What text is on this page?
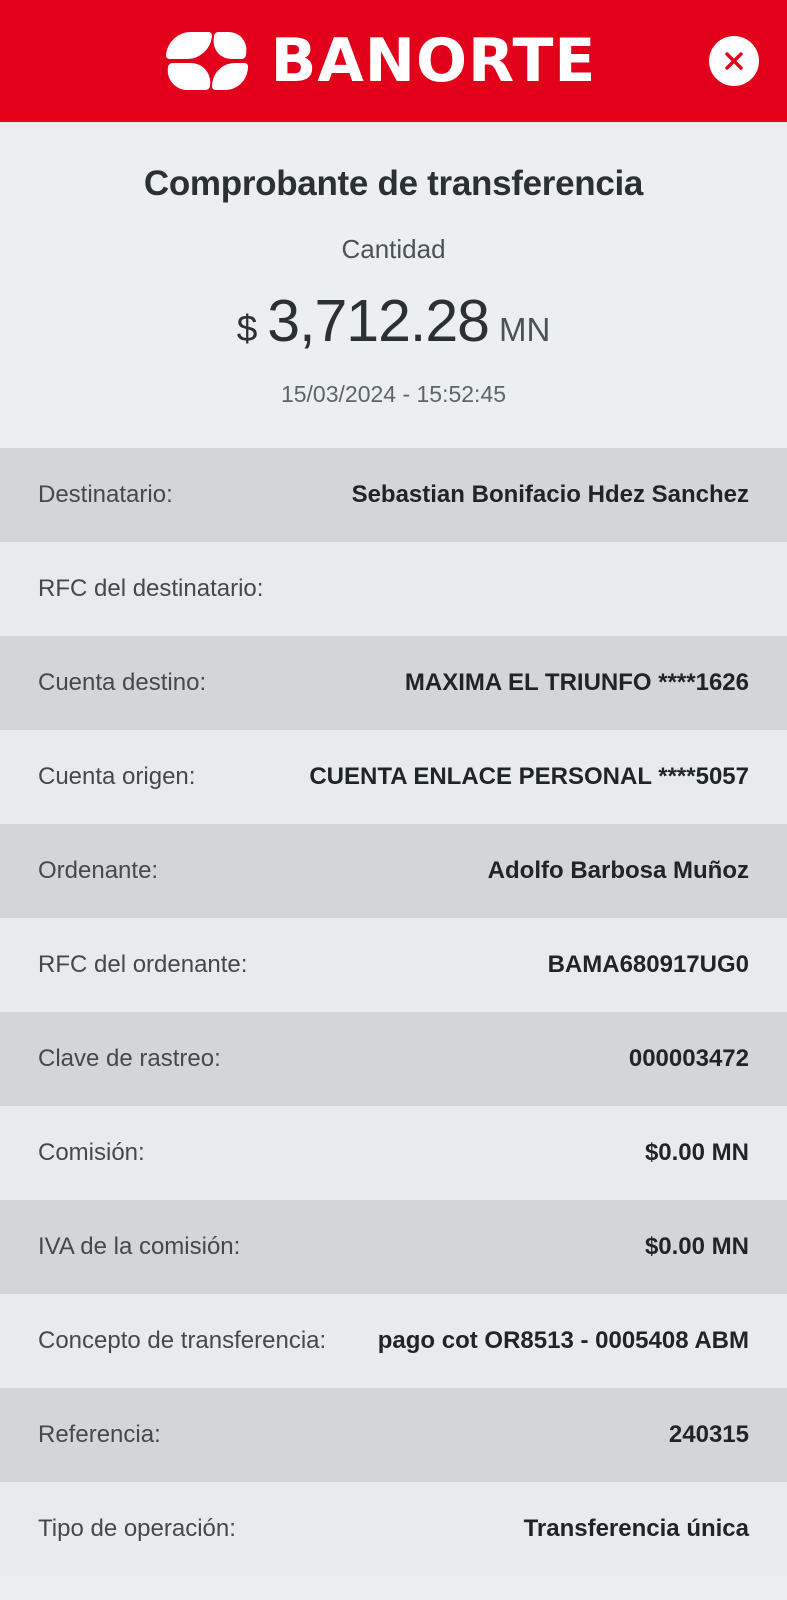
BANORTE
Comprobante de transferencia
Cantidad
$ 3,712.28 MN
15/03/2024 - 15:52:45
Destinatario:	Sebastian Bonifacio Hdez Sanchez
RFC del destinatario:
Cuenta destino:	MAXIMA EL TRIUNFO ****1626
Cuenta origen:	CUENTA ENLACE PERSONAL ****5057
Ordenante:	Adolfo Barbosa Muñoz
RFC del ordenante:	BAMA680917UG0
Clave de rastreo:	000003472
Comisión:	$0.00 MN
IVA de la comisión:	$0.00 MN
Concepto de transferencia: pago cot OR8513 - 0005408 ABM
Referencia:	240315
Tipo de operación:	Transferencia única
